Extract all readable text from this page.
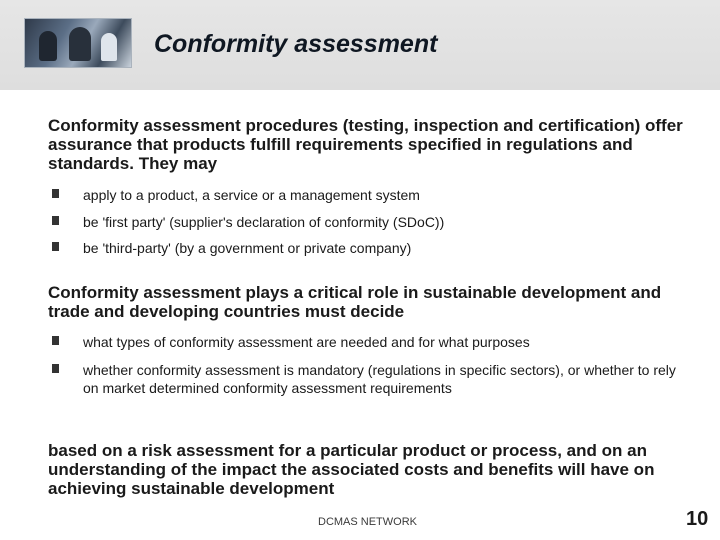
Conformity assessment
Conformity assessment procedures (testing, inspection and certification) offer assurance that products fulfill requirements specified in regulations and standards. They may
apply to a product, a service or a management system
be 'first party' (supplier's declaration of conformity (SDoC))
be 'third-party' (by a government or private company)
Conformity assessment plays a critical role in sustainable development and trade and developing countries must decide
what types of conformity assessment are needed and for what purposes
whether conformity assessment is mandatory (regulations in specific sectors), or whether to rely on market determined conformity assessment requirements
based on a risk assessment for a particular product or process, and on an understanding of the impact the associated costs and benefits will have on achieving sustainable development
DCMAS NETWORK	10
